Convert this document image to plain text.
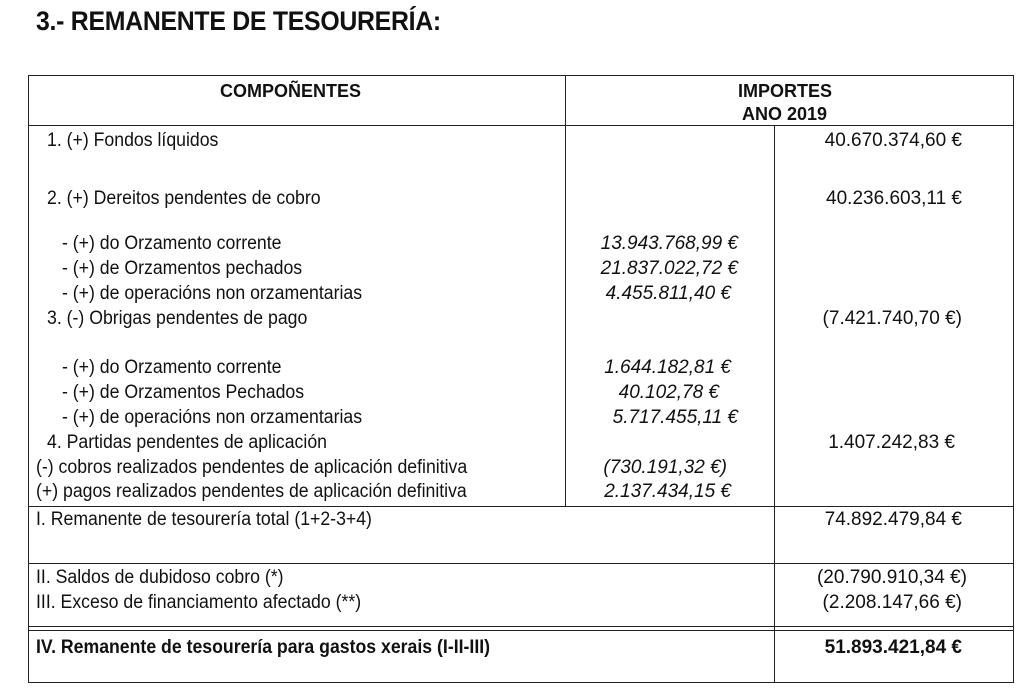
3.- REMANENTE DE TESOURERÍA:
COMPOÑENTES	IMPORTES
ANO 2019
1. (+) Fondos líquidos	40.670.374,60 €
2. (+) Dereitos pendentes de cobro	40.236.603,11 €
- (+) do Orzamento corrente	13.943.768,99 €
- (+) de Orzamentos pechados	21.837.022,72 €
- (+) de operacións non orzamentarias	4.455.811,40 €
3. (-) Obrigas pendentes de pago	(7.421.740,70 €)
- (+) do Orzamento corrente	1.644.182,81 €
- (+) de Orzamentos Pechados	40.102,78 €
- (+) de operacións non orzamentarias	5.717.455,11 €
4. Partidas pendentes de aplicación	1.407.242,83 €
(-) cobros realizados pendentes de aplicación definitiva	(730.191,32 €)
(+) pagos realizados pendentes de aplicación definitiva	2.137.434,15 €
I. Remanente de tesourería total (1+2-3+4)	74.892.479,84 €
II. Saldos de dubidoso cobro (*)	(20.790.910,34 €)
III. Exceso de financiamento afectado (**)	(2.208.147,66 €)
IV. Remanente de tesourería para gastos xerais (I-II-III)	51.893.421,84 €
